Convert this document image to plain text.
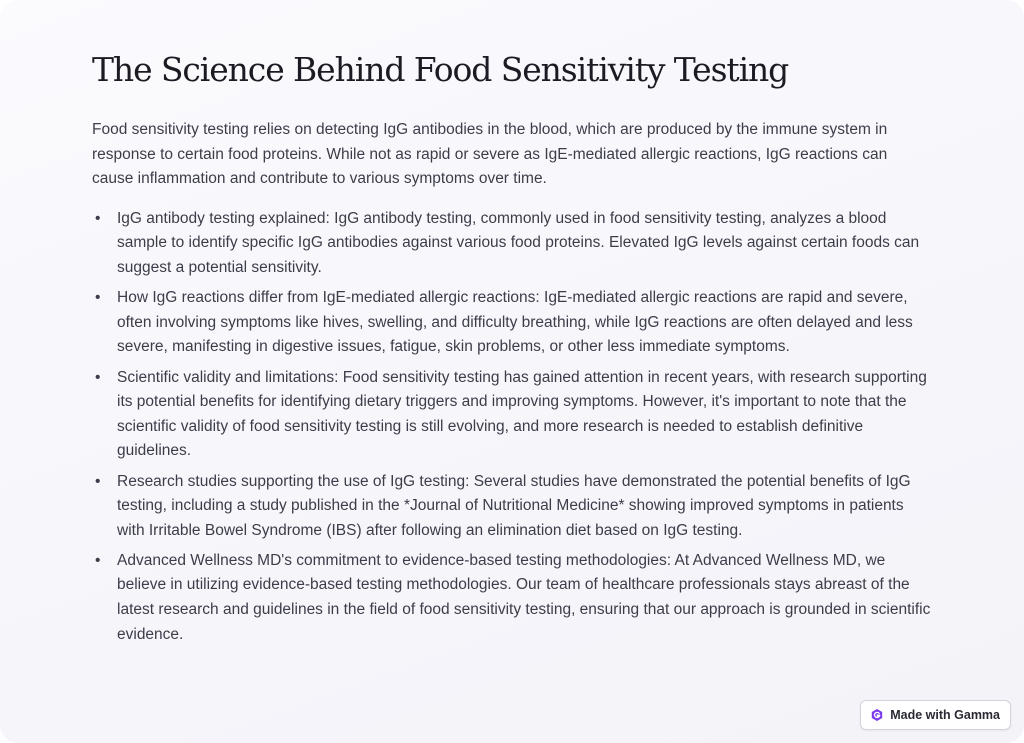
The Science Behind Food Sensitivity Testing

Food sensitivity testing relies on detecting IgG antibodies in the blood, which are produced by the immune system in response to certain food proteins. While not as rapid or severe as IgE-mediated allergic reactions, IgG reactions can cause inflammation and contribute to various symptoms over time.

• IgG antibody testing explained: IgG antibody testing, commonly used in food sensitivity testing, analyzes a blood sample to identify specific IgG antibodies against various food proteins. Elevated IgG levels against certain foods can suggest a potential sensitivity.
• How IgG reactions differ from IgE-mediated allergic reactions: IgE-mediated allergic reactions are rapid and severe, often involving symptoms like hives, swelling, and difficulty breathing, while IgG reactions are often delayed and less severe, manifesting in digestive issues, fatigue, skin problems, or other less immediate symptoms.
• Scientific validity and limitations: Food sensitivity testing has gained attention in recent years, with research supporting its potential benefits for identifying dietary triggers and improving symptoms. However, it's important to note that the scientific validity of food sensitivity testing is still evolving, and more research is needed to establish definitive guidelines.
• Research studies supporting the use of IgG testing: Several studies have demonstrated the potential benefits of IgG testing, including a study published in the *Journal of Nutritional Medicine* showing improved symptoms in patients with Irritable Bowel Syndrome (IBS) after following an elimination diet based on IgG testing.
• Advanced Wellness MD's commitment to evidence-based testing methodologies: At Advanced Wellness MD, we believe in utilizing evidence-based testing methodologies. Our team of healthcare professionals stays abreast of the latest research and guidelines in the field of food sensitivity testing, ensuring that our approach is grounded in scientific evidence.
Made with Gamma
